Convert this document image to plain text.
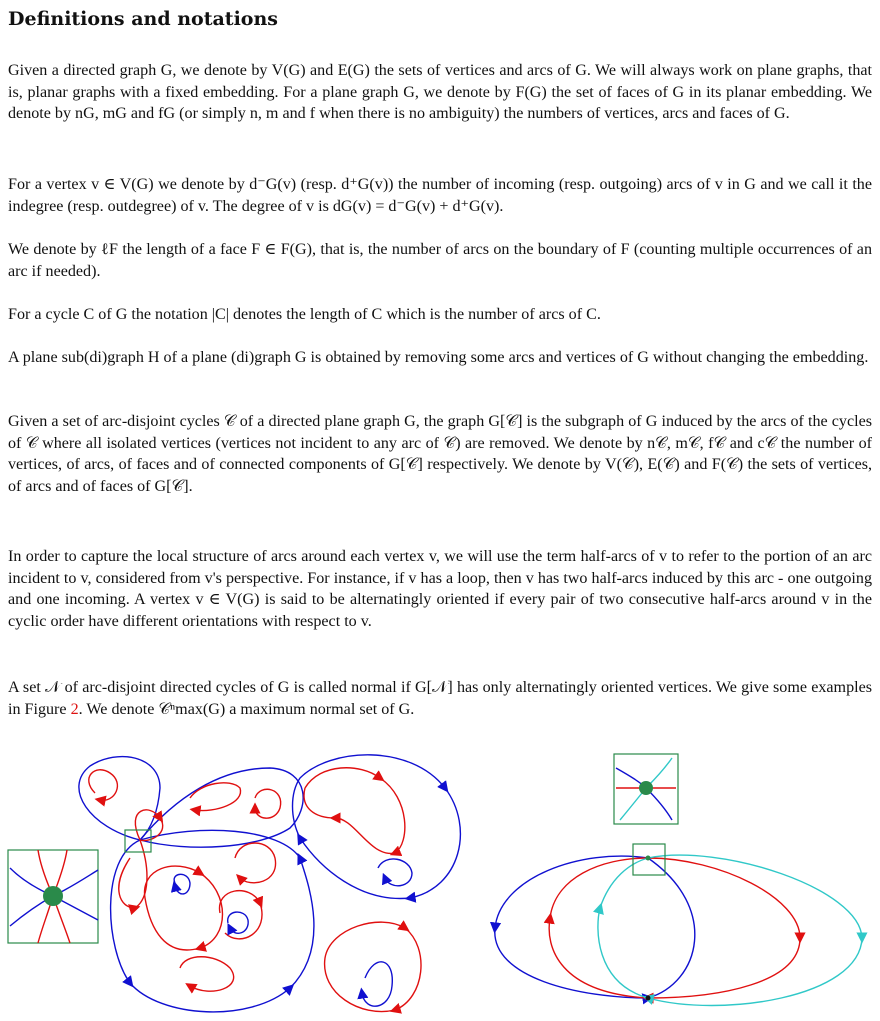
Definitions and notations

Given a directed graph G, we denote by V(G) and E(G) the sets of vertices and arcs of G. We will always work on plane graphs, that is, planar graphs with a fixed embedding. For a plane graph G, we denote by F(G) the set of faces of G in its planar embedding. We denote by nG, mG and fG (or simply n, m and f when there is no ambiguity) the numbers of vertices, arcs and faces of G.

For a vertex v ∈ V(G) we denote by d⁻G(v) (resp. d⁺G(v)) the number of incoming (resp. outgoing) arcs of v in G and we call it the indegree (resp. outdegree) of v. The degree of v is dG(v) = d⁻G(v) + d⁺G(v).

We denote by ℓF the length of a face F ∈ F(G), that is, the number of arcs on the boundary of F (counting multiple occurrences of an arc if needed).

For a cycle C of G the notation |C| denotes the length of C which is the number of arcs of C.

A plane sub(di)graph H of a plane (di)graph G is obtained by removing some arcs and vertices of G without changing the embedding.

Given a set of arc-disjoint cycles 𝒞 of a directed plane graph G, the graph G[𝒞] is the subgraph of G induced by the arcs of the cycles of 𝒞 where all isolated vertices (vertices not incident to any arc of 𝒞) are removed. We denote by n𝒞, m𝒞, f𝒞 and c𝒞 the number of vertices, of arcs, of faces and of connected components of G[𝒞] respectively. We denote by V(𝒞), E(𝒞) and F(𝒞) the sets of vertices, of arcs and of faces of G[𝒞].

In order to capture the local structure of arcs around each vertex v, we will use the term half-arcs of v to refer to the portion of an arc incident to v, considered from v's perspective. For instance, if v has a loop, then v has two half-arcs induced by this arc - one outgoing and one incoming. A vertex v ∈ V(G) is said to be alternatingly oriented if every pair of two consecutive half-arcs around v in the cyclic order have different orientations with respect to v.

A set 𝒩 of arc-disjoint directed cycles of G is called normal if G[𝒩] has only alternatingly oriented vertices. We give some examples in Figure 2. We denote 𝒞ⁿmax(G) a maximum normal set of G.
